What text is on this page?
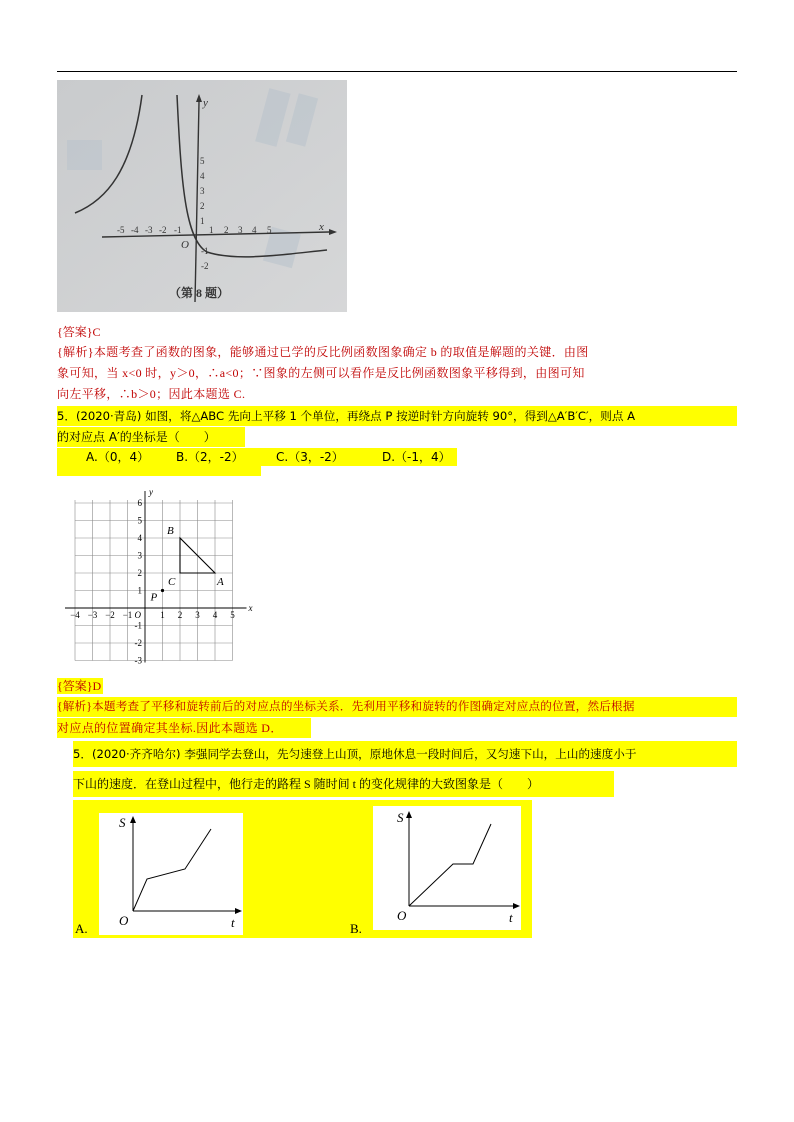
y
x
O
-5 -4 -3 -2 -1	1 2 3 4 5
5
4
3
2
1
-1
-2
（第 8 题）
{答案}C
{解析}本题考查了函数的图象，能够通过已学的反比例函数图象确定 b 的取值是解题的关键．由图
象可知，当 x<0 时，y＞0，∴a<0；∵图象的左侧可以看作是反比例函数图象平移得到，由图可知
向左平移，∴b＞0；因此本题选 C.
5．(2020·青岛) 如图，将△ABC 先向上平移 1 个单位，再绕点 P 按逆时针方向旋转 90°，得到△A′B′C′，则点 A
的对应点 A′的坐标是（　　）
A.（0，4） B.（2，-2）	C.（3，-2）	D.（-1，4）
−4 −3 −2 −1	1 2 3 4 5
6
5
4
3
2
1
-1
-2
-3
O
x
y
B
C	A
P
{答案}D
{解析}本题考查了平移和旋转前后的对应点的坐标关系．先利用平移和旋转的作图确定对应点的位置，然后根据
对应点的位置确定其坐标.因此本题选 D．
5．(2020·齐齐哈尔) 李强同学去登山，先匀速登上山顶，原地休息一段时间后，又匀速下山，上山的速度小于
下山的速度．在登山过程中，他行走的路程 S 随时间 t 的变化规律的大致图象是（　　）
S
t
O
A.
S
t
O
B.
